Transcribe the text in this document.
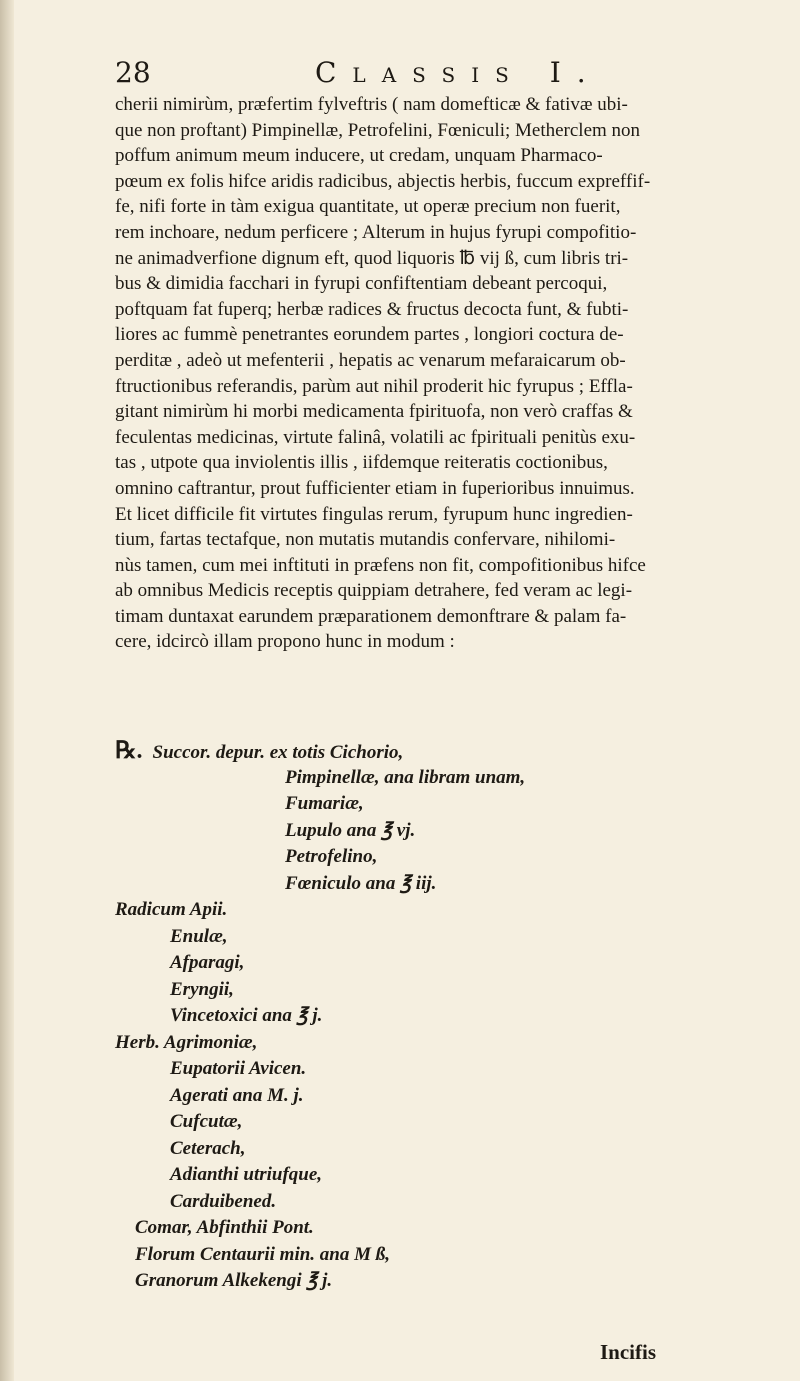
28	Classis I.
cherii nimirùm, præfertim fylveftris ( nam domefticæ & fativæ ubi-
que non proftant) Pimpinellæ, Petrofelini, Fœniculi; Metherclem non
poffum animum meum inducere, ut credam, unquam Pharmaco-
pœum ex folis hifce aridis radicibus, abjectis herbis, fuccum expreffif-
fe, nifi forte in tàm exigua quantitate, ut operæ precium non fuerit,
rem inchoare, nedum perficere ; Alterum in hujus fyrupi compofitio-
ne animadverfione dignum eft, quod liquoris ℔ vij ß, cum libris tri-
bus & dimidia facchari in fyrupi confiftentiam debeant percoqui,
poftquam fat fuperq; herbæ radices & fructus decocta funt, & fubti-
liores ac fummè penetrantes eorundem partes , longiori coctura de-
perditæ , adeò ut mefenterii , hepatis ac venarum mefaraicarum ob-
ftructionibus referandis, parùm aut nihil proderit hic fyrupus ; Effla-
gitant nimirùm hi morbi medicamenta fpirituofa, non verò craffas &
feculentas medicinas, virtute falinâ, volatili ac fpirituali penitùs exu-
tas , utpote qua inviolentis illis , iifdemque reiteratis coctionibus,
omnino caftrantur, prout fufficienter etiam in fuperioribus innuimus.
Et licet difficile fit virtutes fingulas rerum, fyrupum hunc ingredien-
tium, fartas tectafque, non mutatis mutandis confervare, nihilomi-
nùs tamen, cum mei inftituti in præfens non fit, compofitionibus hifce
ab omnibus Medicis receptis quippiam detrahere, fed veram ac legi-
timam duntaxat earundem præparationem demonftrare & palam fa-
cere, idcircò illam propono hunc in modum :
℞. Succor. depur. ex totis Cichorio,
Pimpinellæ, ana libram unam,
Fumariæ,
Lupulo ana ℥ vj.
Petrofelino,
Fœniculo ana ℥ iij.
Radicum Apii.
Enulæ,
Afparagi,
Eryngii,
Vincetoxici ana ℥ j.
Herb. Agrimoniæ,
Eupatorii Avicen.
Agerati ana M. j.
Cufcutæ,
Ceterach,
Adianthi utriufque,
Carduibened.
Comar, Abfinthii Pont.
Florum Centaurii min. ana M ß,
Granorum Alkekengi ℥ j.
Incifis
